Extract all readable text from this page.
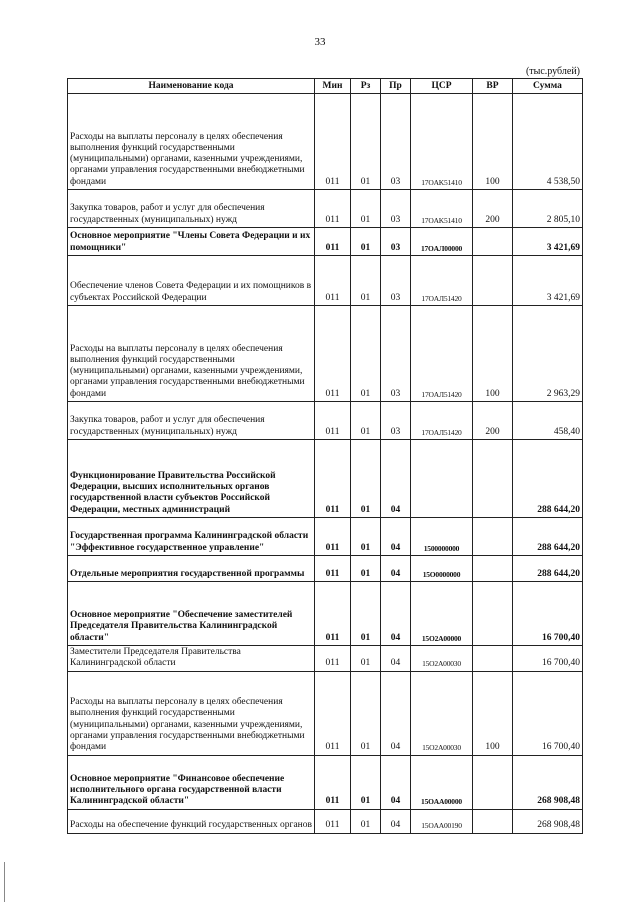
33
(тыс.рублей)
Наименование кода	Мин	Рз	Пр	ЦСР	ВР	Сумма
Расходы на выплаты персоналу в целях обеспечения выполнения функций государственными (муниципальными) органами, казенными учреждениями, органами управления государственными внебюджетными фондами	011	01	03	17OAK51410	100	4 538,50
Закупка товаров, работ и услуг для обеспечения государственных (муниципальных) нужд	011	01	03	17OAK51410	200	2 805,10
Основное мероприятие "Члены Совета Федерации и их помощники"	011	01	03	17OAЛ00000		3 421,69
Обеспечение членов Совета Федерации и их помощников в субъектах Российской Федерации	011	01	03	17OAЛ51420		3 421,69
Расходы на выплаты персоналу в целях обеспечения выполнения функций государственными (муниципальными) органами, казенными учреждениями, органами управления государственными внебюджетными фондами	011	01	03	17OAЛ51420	100	2 963,29
Закупка товаров, работ и услуг для обеспечения государственных (муниципальных) нужд	011	01	03	17OAЛ51420	200	458,40
Функционирование Правительства Российской Федерации, высших исполнительных органов государственной власти субъектов Российской Федерации, местных администраций	011	01	04			288 644,20
Государственная программа Калининградской области "Эффективное государственное управление"	011	01	04	1500000000		288 644,20
Отдельные мероприятия государственной программы	011	01	04	15O0000000		288 644,20
Основное мероприятие "Обеспечение заместителей Председателя Правительства Калининградской области"	011	01	04	15O2A00000		16 700,40
Заместители Председателя Правительства Калининградской области	011	01	04	15O2A00030		16 700,40
Расходы на выплаты персоналу в целях обеспечения выполнения функций государственными (муниципальными) органами, казенными учреждениями, органами управления государственными внебюджетными фондами	011	01	04	15O2A00030	100	16 700,40
Основное мероприятие "Финансовое обеспечение исполнительного органа государственной власти Калининградской области"	011	01	04	15OAA00000		268 908,48
Расходы на обеспечение функций государственных органов	011	01	04	15OAA00190		268 908,48
